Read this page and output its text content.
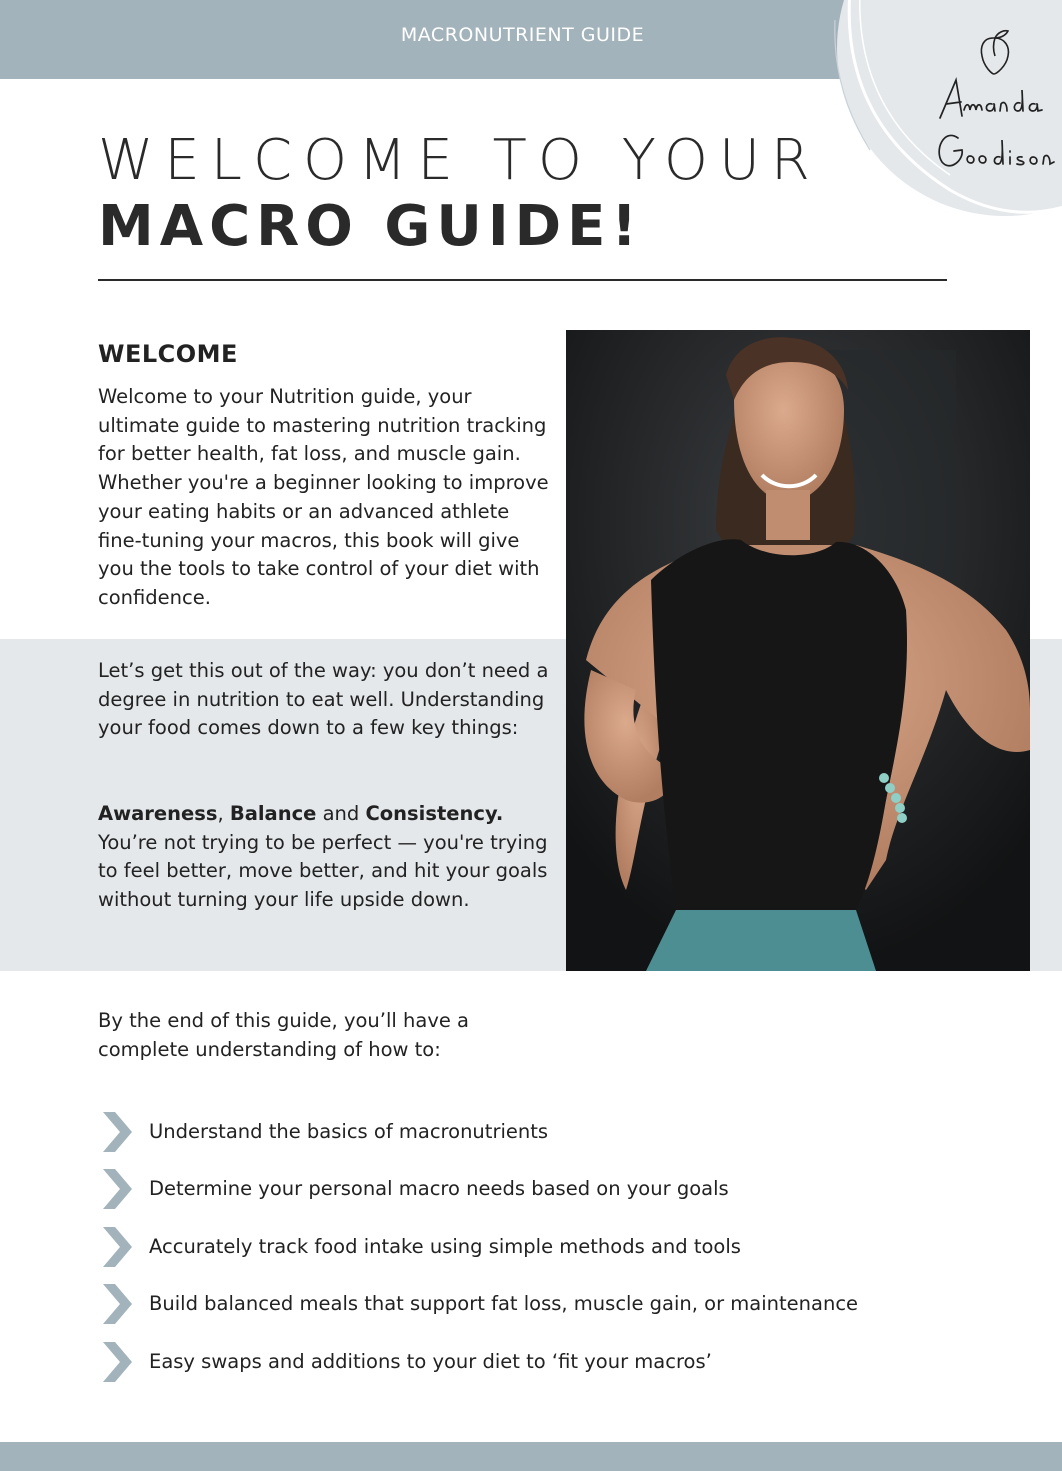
MACRONUTRIENT GUIDE
WELCOME TO YOUR
MACRO GUIDE!
WELCOME
Welcome to your Nutrition guide, your ultimate guide to mastering nutrition tracking for better health, fat loss, and muscle gain. Whether you're a beginner looking to improve your eating habits or an advanced athlete fine-tuning your macros, this book will give you the tools to take control of your diet with confidence.
Let’s get this out of the way: you don’t need a degree in nutrition to eat well. Understanding your food comes down to a few key things:
Awareness, Balance and Consistency. You’re not trying to be perfect — you're trying to feel better, move better, and hit your goals without turning your life upside down.
By the end of this guide, you’ll have a complete understanding of how to:
Understand the basics of macronutrients
Determine your personal macro needs based on your goals
Accurately track food intake using simple methods and tools
Build balanced meals that support fat loss, muscle gain, or maintenance
Easy swaps and additions to your diet to ‘fit your macros’
